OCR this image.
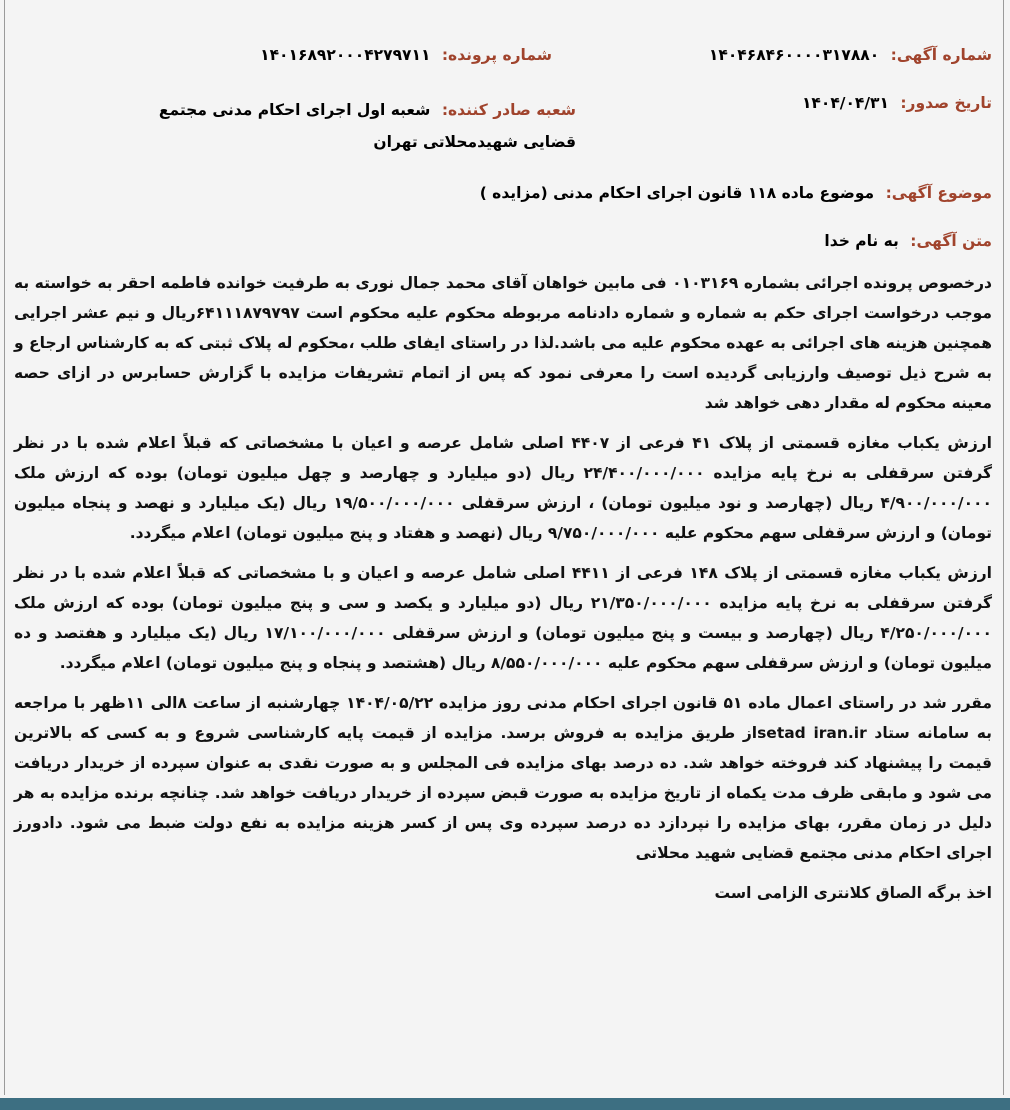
شماره آگهی: ۱۴۰۴۶۸۴۶۰۰۰۰۳۱۷۸۸۰
شماره پرونده: ۱۴۰۱۶۸۹۲۰۰۰۴۲۷۹۷۱۱
تاریخ صدور: ۱۴۰۴/۰۴/۳۱
شعبه صادر کننده: شعبه اول اجرای احکام مدنی مجتمع قضایی شهیدمحلاتی تهران
موضوع آگهی: موضوع ماده ۱۱۸ قانون اجرای احکام مدنی (مزایده )
متن آگهی: به نام خدا

درخصوص پرونده اجرائی بشماره ۰۱۰۳۱۶۹ فی مابین خواهان آقای محمد جمال نوری به طرفیت خوانده فاطمه احقر به خواسته به موجب درخواست اجرای حکم به شماره و شماره دادنامه مربوطه محکوم علیه محکوم است ۶۴۱۱۱۸۷۹۷۹۷ریال و نیم عشر اجرایی همچنین هزینه های اجرائی به عهده محکوم علیه می باشد.لذا در راستای ایفای طلب ،محکوم له پلاک ثبتی که به کارشناس ارجاع و به شرح ذیل توصیف وارزیابی گردیده است را معرفی نمود که پس از اتمام تشریفات مزایده با گزارش حسابرس در ازای حصه معینه محکوم له مقدار دهی خواهد شد

ارزش یکباب مغازه قسمتی از پلاک ۴۱ فرعی از ۴۴۰۷ اصلی شامل عرصه و اعیان با مشخصاتی که قبلاً اعلام شده با در نظر گرفتن سرقفلی به نرخ پایه مزایده ۲۴/۴۰۰/۰۰۰/۰۰۰ ریال (دو میلیارد و چهارصد و چهل میلیون تومان) بوده که ارزش ملک ۴/۹۰۰/۰۰۰/۰۰۰ ریال (چهارصد و نود میلیون تومان) ، ارزش سرقفلی ۱۹/۵۰۰/۰۰۰/۰۰۰ ریال (یک میلیارد و نهصد و پنجاه میلیون تومان) و ارزش سرقفلی سهم محکوم علیه ۹/۷۵۰/۰۰۰/۰۰۰ ریال (نهصد و هفتاد و پنج میلیون تومان) اعلام میگردد.

ارزش یکباب مغازه قسمتی از پلاک ۱۴۸ فرعی از ۴۴۱۱ اصلی شامل عرصه و اعیان و با مشخصاتی که قبلاً اعلام شده با در نظر گرفتن سرقفلی به نرخ پایه مزایده ۲۱/۳۵۰/۰۰۰/۰۰۰ ریال (دو میلیارد و یکصد و سی و پنج میلیون تومان) بوده که ارزش ملک ۴/۲۵۰/۰۰۰/۰۰۰ ریال (چهارصد و بیست و پنج میلیون تومان) و ارزش سرقفلی ۱۷/۱۰۰/۰۰۰/۰۰۰ ریال (یک میلیارد و هفتصد و ده میلیون تومان) و ارزش سرقفلی سهم محکوم علیه ۸/۵۵۰/۰۰۰/۰۰۰ ریال (هشتصد و پنجاه و پنج میلیون تومان) اعلام میگردد.

مقرر شد در راستای اعمال ماده ۵۱ قانون اجرای احکام مدنی روز مزایده ۱۴۰۴/۰۵/۲۲ چهارشنبه از ساعت ۸الی ۱۱ظهر با مراجعه به سامانه ستاد setad iran.irاز طریق مزایده به فروش برسد. مزایده از قیمت پایه کارشناسی شروع و به کسی که بالاترین قیمت را پیشنهاد کند فروخته خواهد شد. ده درصد بهای مزایده فی المجلس و به صورت نقدی به عنوان سپرده از خریدار دریافت می شود و مابقی ظرف مدت یکماه از تاریخ مزایده به صورت قبض سپرده از خریدار دریافت خواهد شد. چنانچه برنده مزایده به هر دلیل در زمان مقرر، بهای مزایده را نپردازد ده درصد سپرده وی پس از کسر هزینه مزایده به نفع دولت ضبط می شود. دادورز اجرای احکام مدنی مجتمع قضایی شهید محلاتی

اخذ برگه الصاق کلانتری الزامی است
